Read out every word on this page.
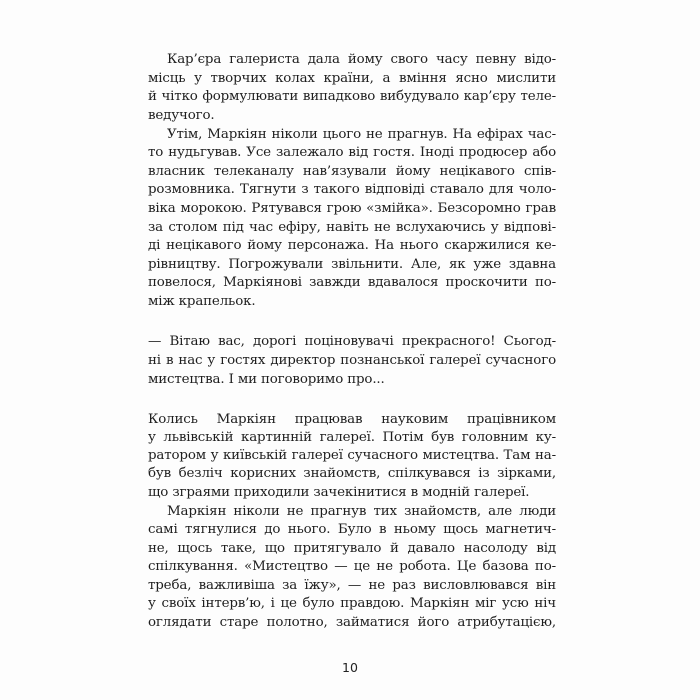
Кар’єра галериста дала йому свого часу певну відо-
місць у творчих колах країни, а вміння ясно мислити
й чітко формулювати випадково вибудувало кар’єру теле-
ведучого.
Утім, Маркіян ніколи цього не прагнув. На ефірах час-
то нудьгував. Усе залежало від гостя. Іноді продюсер або
власник телеканалу нав’язували йому нецікавого спів-
розмовника. Тягнути з такого відповіді ставало для чоло-
віка морокою. Рятувався грою «змійка». Безсоромно грав
за столом під час ефіру, навіть не вслухаючись у відпові-
ді нецікавого йому персонажа. На нього скаржилися ке-
рівництву. Погрожували звільнити. Але, як уже здавна
повелося, Маркіянові завжди вдавалося проскочити по-
між крапельок.
— Вітаю вас, дорогі поціновувачі прекрасного! Сьогод-
ні в нас у гостях директор познанської галереї сучасного
мистецтва. І ми поговоримо про...
Колись Маркіян працював науковим працівником
у львівській картинній галереї. Потім був головним ку-
ратором у київській галереї сучасного мистецтва. Там на-
був безліч корисних знайомств, спілкувався із зірками,
що зграями приходили зачекінитися в модній галереї.
Маркіян ніколи не прагнув тих знайомств, але люди
самі тягнулися до нього. Було в ньому щось магнетич-
не, щось таке, що притягувало й давало насолоду від
спілкування. «Мистецтво — це не робота. Це базова по-
треба, важливіша за їжу», — не раз висловлювався він
у своїх інтерв’ю, і це було правдою. Маркіян міг усю ніч
оглядати старе полотно, займатися його атрибутацією,
10
